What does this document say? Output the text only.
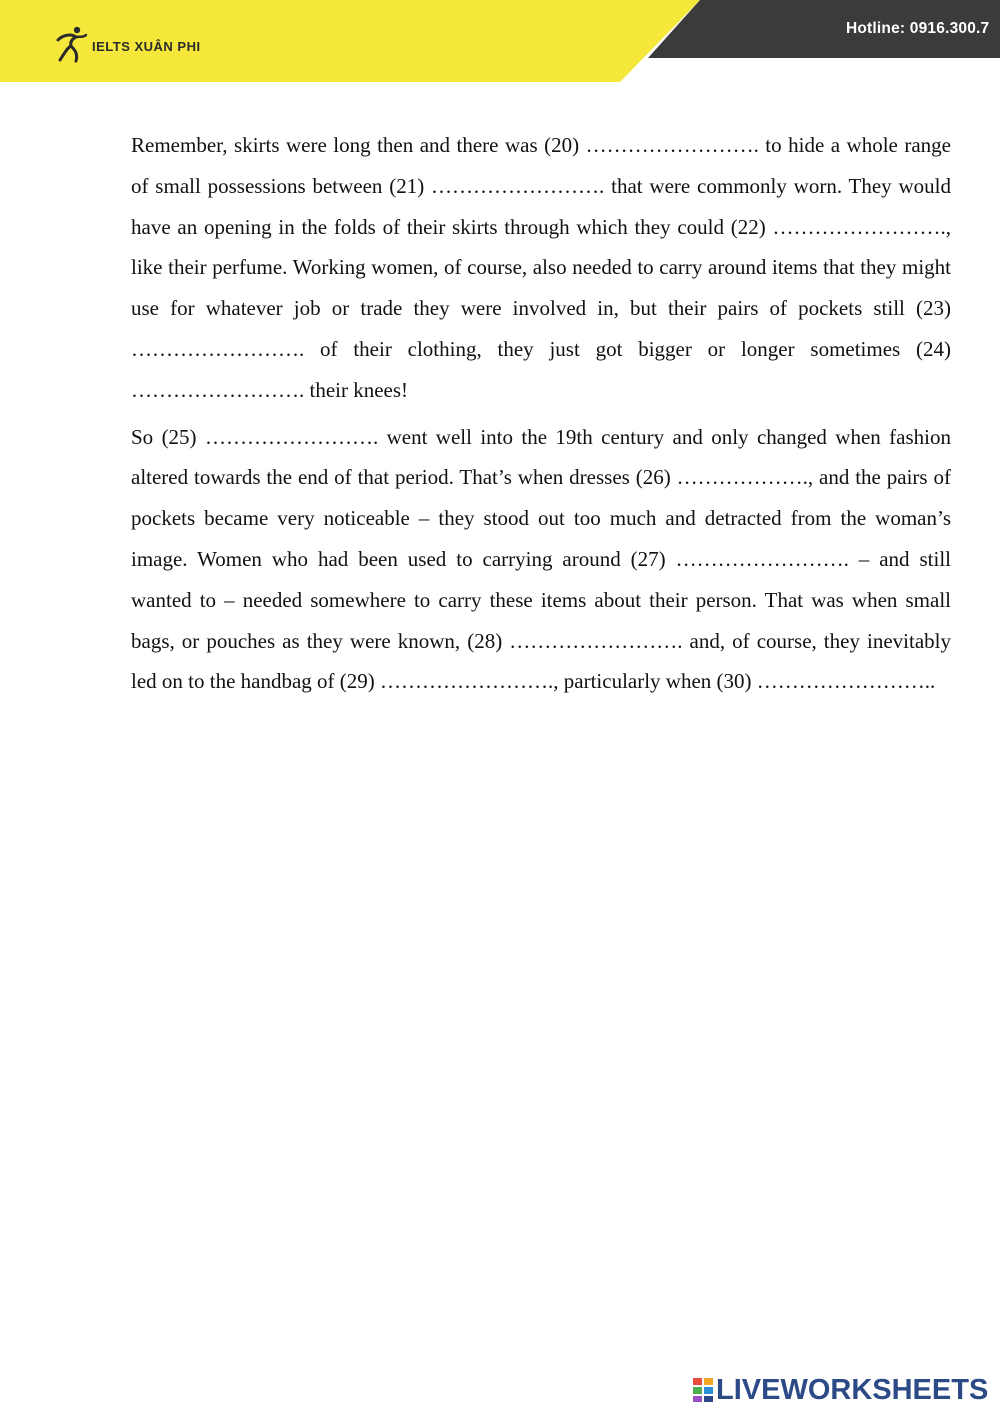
IELTS XUÂN PHI
Hotline: 0916.300.7

Remember, skirts were long then and there was (20) ……………………. to hide a whole range of small possessions between (21) ……………………. that were commonly worn. They would have an opening in the folds of their skirts through which they could (22) ……………………., like their perfume. Working women, of course, also needed to carry around items that they might use for whatever job or trade they were involved in, but their pairs of pockets still (23) ……………………. of their clothing, they just got bigger or longer sometimes (24) ……………………. their knees!

So (25) ……………………. went well into the 19th century and only changed when fashion altered towards the end of that period. That’s when dresses (26) ………………., and the pairs of pockets became very noticeable – they stood out too much and detracted from the woman’s image. Women who had been used to carrying around (27) ……………………. – and still wanted to – needed somewhere to carry these items about their person. That was when small bags, or pouches as they were known, (28) ……………………. and, of course, they inevitably led on to the handbag of (29) ……………………., particularly when (30) ……………………..

LIVEWORKSHEETS
